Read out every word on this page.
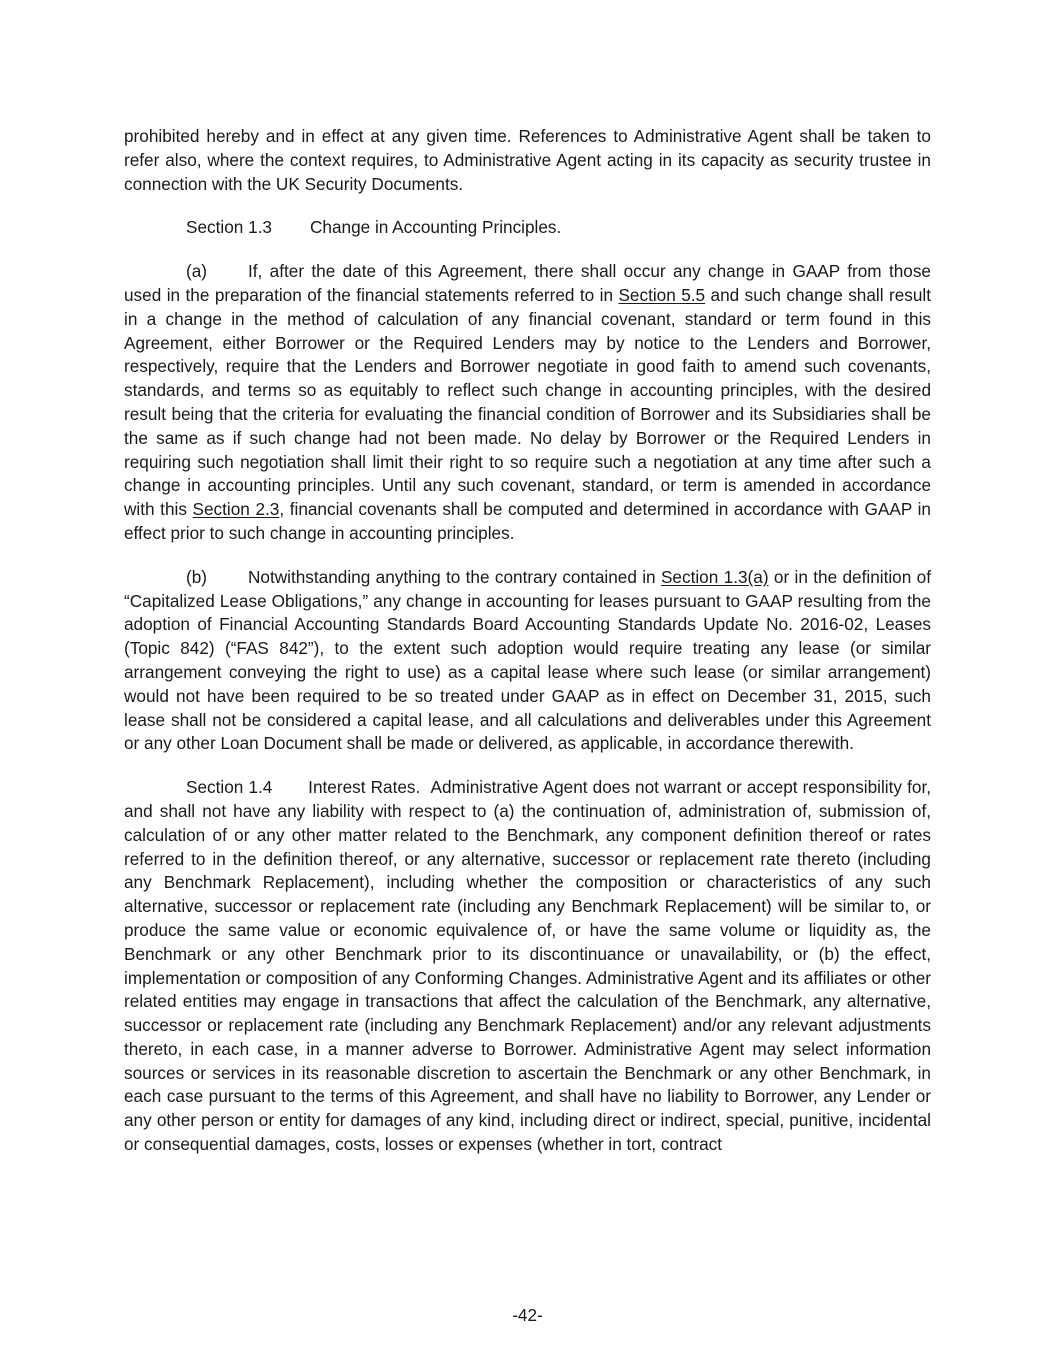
prohibited hereby and in effect at any given time. References to Administrative Agent shall be taken to refer also, where the context requires, to Administrative Agent acting in its capacity as security trustee in connection with the UK Security Documents.

Section 1.3 Change in Accounting Principles.

(a) If, after the date of this Agreement, there shall occur any change in GAAP from those used in the preparation of the financial statements referred to in Section 5.5 and such change shall result in a change in the method of calculation of any financial covenant, standard or term found in this Agreement, either Borrower or the Required Lenders may by notice to the Lenders and Borrower, respectively, require that the Lenders and Borrower negotiate in good faith to amend such covenants, standards, and terms so as equitably to reflect such change in accounting principles, with the desired result being that the criteria for evaluating the financial condition of Borrower and its Subsidiaries shall be the same as if such change had not been made. No delay by Borrower or the Required Lenders in requiring such negotiation shall limit their right to so require such a negotiation at any time after such a change in accounting principles. Until any such covenant, standard, or term is amended in accordance with this Section 2.3, financial covenants shall be computed and determined in accordance with GAAP in effect prior to such change in accounting principles.

(b) Notwithstanding anything to the contrary contained in Section 1.3(a) or in the definition of “Capitalized Lease Obligations,” any change in accounting for leases pursuant to GAAP resulting from the adoption of Financial Accounting Standards Board Accounting Standards Update No. 2016-02, Leases (Topic 842) (“FAS 842”), to the extent such adoption would require treating any lease (or similar arrangement conveying the right to use) as a capital lease where such lease (or similar arrangement) would not have been required to be so treated under GAAP as in effect on December 31, 2015, such lease shall not be considered a capital lease, and all calculations and deliverables under this Agreement or any other Loan Document shall be made or delivered, as applicable, in accordance therewith.

Section 1.4 Interest Rates. Administrative Agent does not warrant or accept responsibility for, and shall not have any liability with respect to (a) the continuation of, administration of, submission of, calculation of or any other matter related to the Benchmark, any component definition thereof or rates referred to in the definition thereof, or any alternative, successor or replacement rate thereto (including any Benchmark Replacement), including whether the composition or characteristics of any such alternative, successor or replacement rate (including any Benchmark Replacement) will be similar to, or produce the same value or economic equivalence of, or have the same volume or liquidity as, the Benchmark or any other Benchmark prior to its discontinuance or unavailability, or (b) the effect, implementation or composition of any Conforming Changes. Administrative Agent and its affiliates or other related entities may engage in transactions that affect the calculation of the Benchmark, any alternative, successor or replacement rate (including any Benchmark Replacement) and/or any relevant adjustments thereto, in each case, in a manner adverse to Borrower. Administrative Agent may select information sources or services in its reasonable discretion to ascertain the Benchmark or any other Benchmark, in each case pursuant to the terms of this Agreement, and shall have no liability to Borrower, any Lender or any other person or entity for damages of any kind, including direct or indirect, special, punitive, incidental or consequential damages, costs, losses or expenses (whether in tort, contract

-42-
